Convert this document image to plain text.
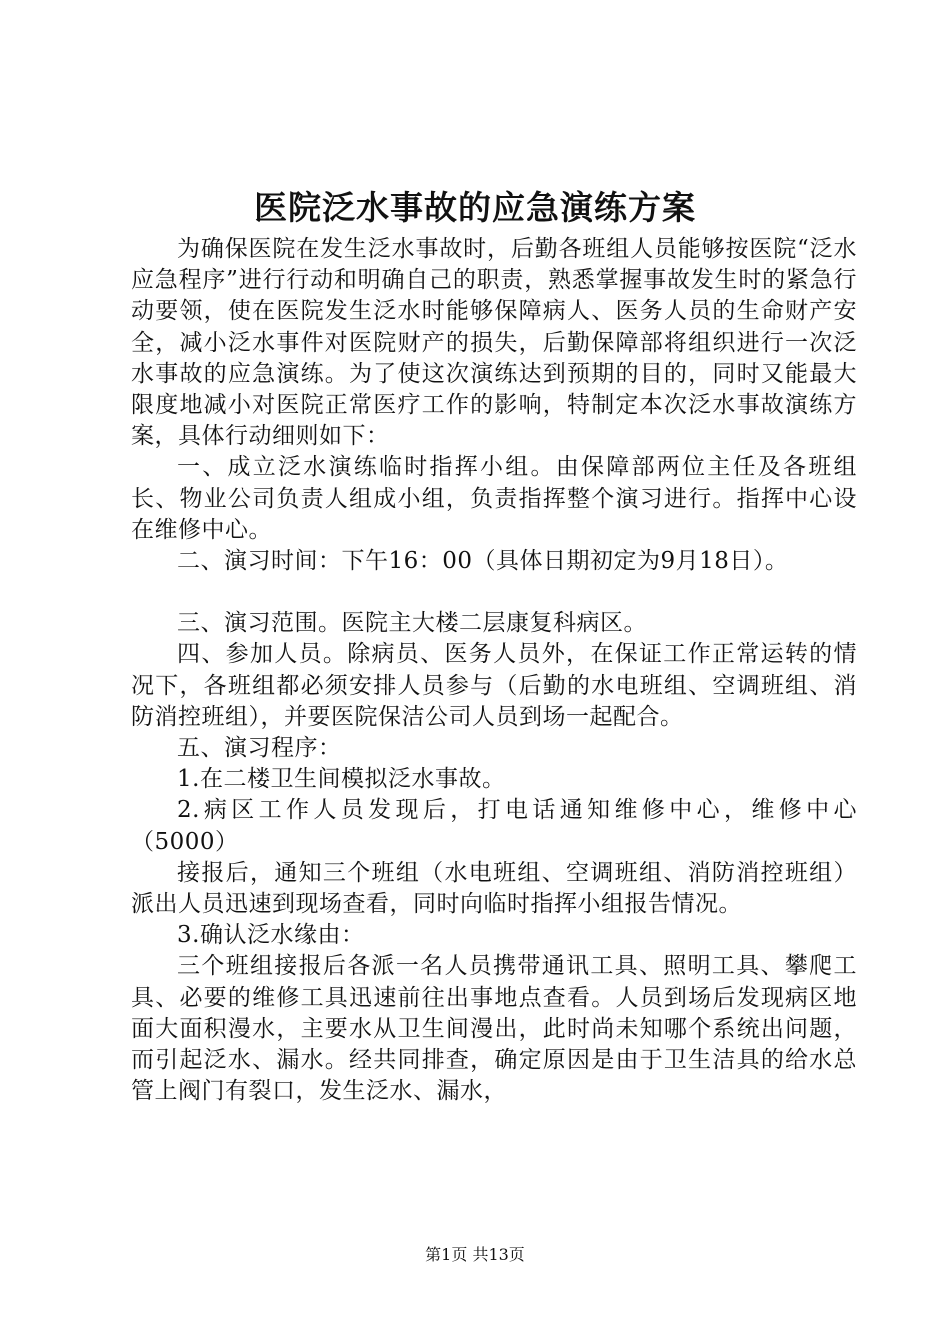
医院泛水事故的应急演练方案

为确保医院在发生泛水事故时，后勤各班组人员能够按医院“泛水应急程序”进行行动和明确自己的职责，熟悉掌握事故发生时的紧急行动要领，使在医院发生泛水时能够保障病人、医务人员的生命财产安全，减小泛水事件对医院财产的损失，后勤保障部将组织进行一次泛水事故的应急演练。为了使这次演练达到预期的目的，同时又能最大限度地减小对医院正常医疗工作的影响，特制定本次泛水事故演练方案，具体行动细则如下：

一、成立泛水演练临时指挥小组。由保障部两位主任及各班组长、物业公司负责人组成小组，负责指挥整个演习进行。指挥中心设在维修中心。

二、演习时间：下午16：00（具体日期初定为9月18日）。

三、演习范围。医院主大楼二层康复科病区。

四、参加人员。除病员、医务人员外，在保证工作正常运转的情况下，各班组都必须安排人员参与（后勤的水电班组、空调班组、消防消控班组），并要医院保洁公司人员到场一起配合。

五、演习程序：

1.在二楼卫生间模拟泛水事故。

2.病区工作人员发现后，打电话通知维修中心，维修中心（5000）

接报后，通知三个班组（水电班组、空调班组、消防消控班组）派出人员迅速到现场查看，同时向临时指挥小组报告情况。

3.确认泛水缘由：

三个班组接报后各派一名人员携带通讯工具、照明工具、攀爬工具、必要的维修工具迅速前往出事地点查看。人员到场后发现病区地面大面积漫水，主要水从卫生间漫出，此时尚未知哪个系统出问题，而引起泛水、漏水。经共同排查，确定原因是由于卫生洁具的给水总管上阀门有裂口，发生泛水、漏水，

第1页 共13页
